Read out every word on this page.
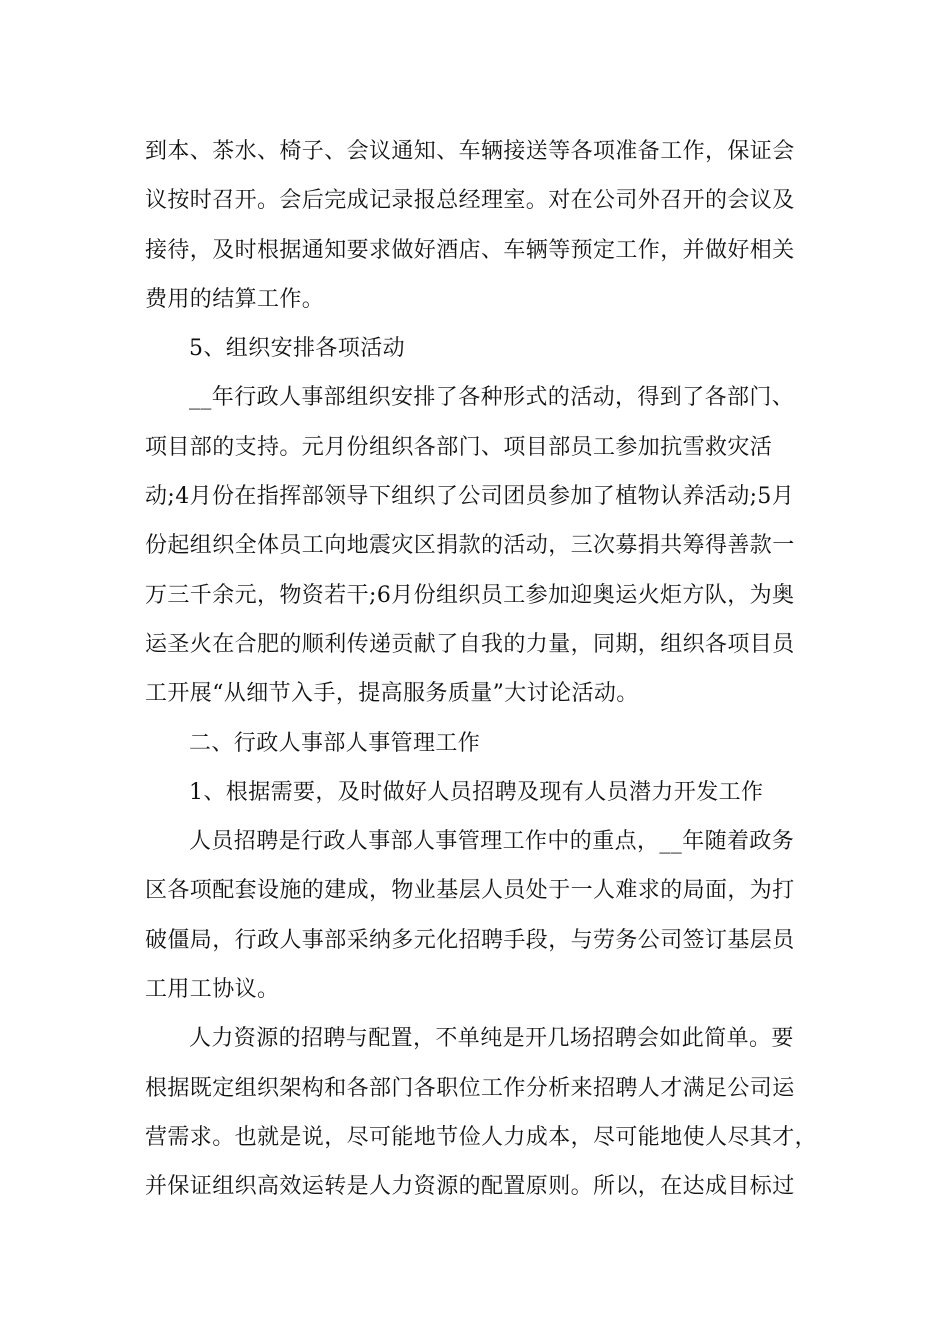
到本、茶水、椅子、会议通知、车辆接送等各项准备工作，保证会
议按时召开。会后完成记录报总经理室。对在公司外召开的会议及
接待，及时根据通知要求做好酒店、车辆等预定工作，并做好相关
费用的结算工作。
5、组织安排各项活动
__年行政人事部组织安排了各种形式的活动，得到了各部门、
项目部的支持。元月份组织各部门、项目部员工参加抗雪救灾活
动;4月份在指挥部领导下组织了公司团员参加了植物认养活动;5月
份起组织全体员工向地震灾区捐款的活动，三次募捐共筹得善款一
万三千余元，物资若干;6月份组织员工参加迎奥运火炬方队，为奥
运圣火在合肥的顺利传递贡献了自我的力量，同期，组织各项目员
工开展“从细节入手，提高服务质量”大讨论活动。
二、行政人事部人事管理工作
1、根据需要，及时做好人员招聘及现有人员潜力开发工作
人员招聘是行政人事部人事管理工作中的重点，__年随着政务
区各项配套设施的建成，物业基层人员处于一人难求的局面，为打
破僵局，行政人事部采纳多元化招聘手段，与劳务公司签订基层员
工用工协议。
人力资源的招聘与配置，不单纯是开几场招聘会如此简单。要
根据既定组织架构和各部门各职位工作分析来招聘人才满足公司运
营需求。也就是说，尽可能地节俭人力成本，尽可能地使人尽其才，
并保证组织高效运转是人力资源的配置原则。所以，在达成目标过
